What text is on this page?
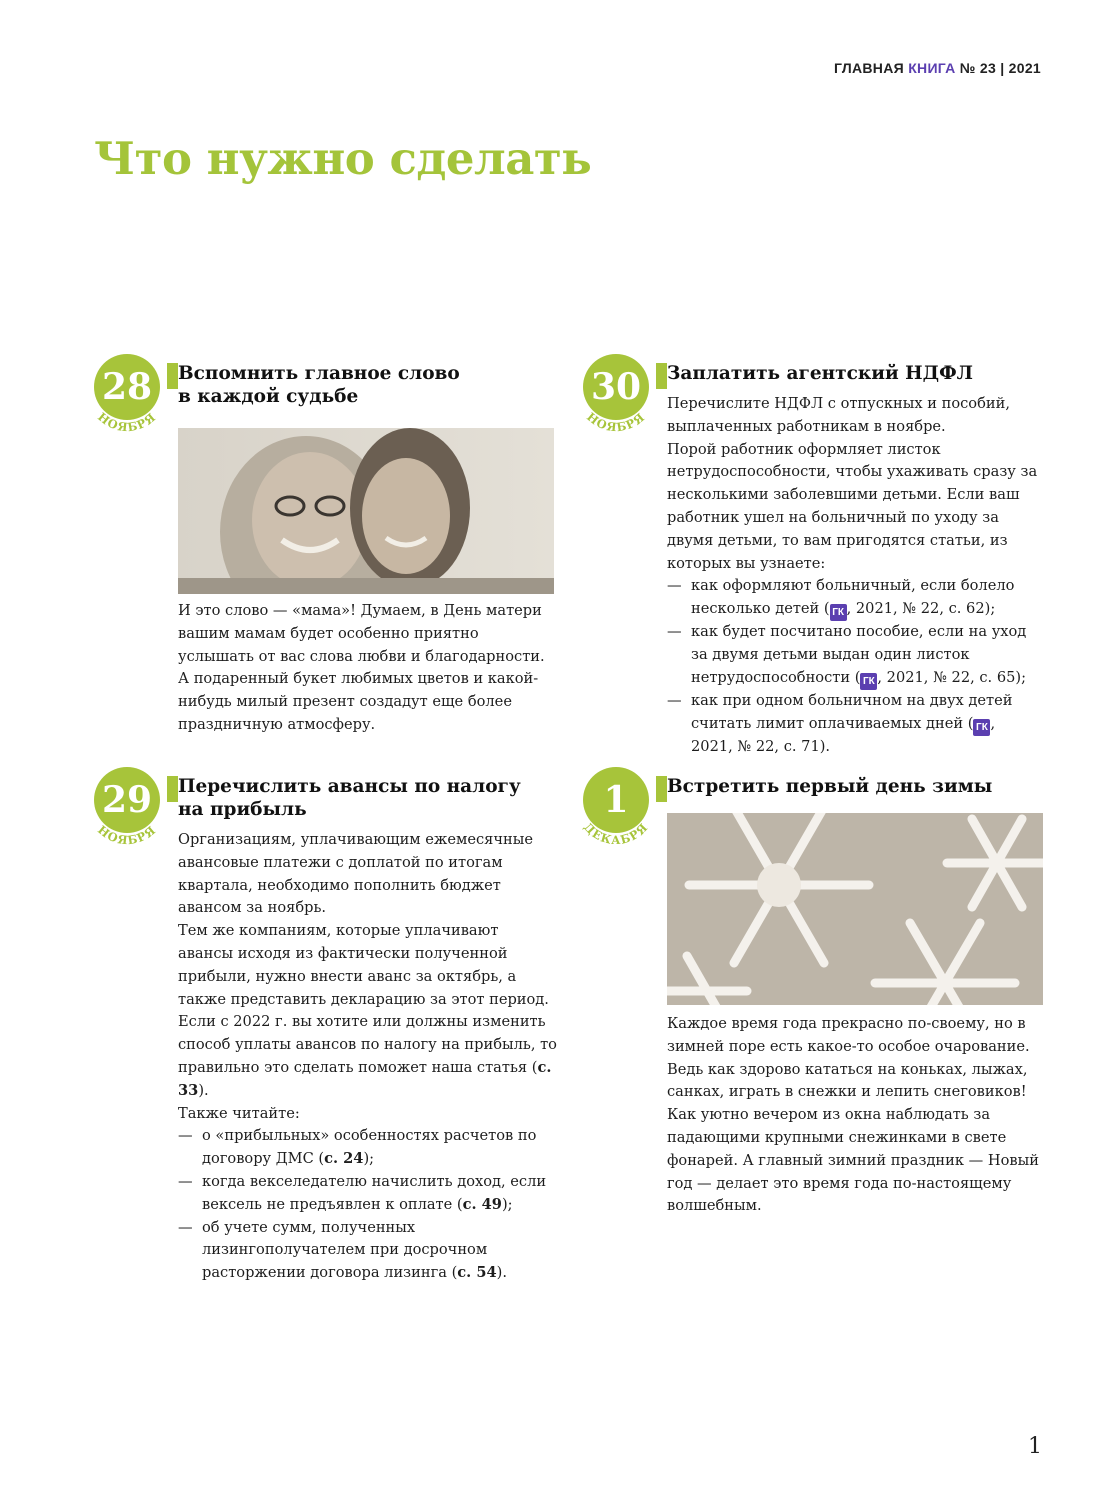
ГЛАВНАЯ КНИГА № 23 | 2021
Что нужно сделать
28
НОЯБРЯ
Вспомнить главное слово
в каждой судьбе

И это слово — «мама»! Думаем, в День матери вашим мамам будет особенно приятно услышать от вас слова любви и благодарности.

А подаренный букет любимых цветов и какой-нибудь милый презент создадут еще более праздничную атмосферу.

30
НОЯБРЯ
Заплатить агентский НДФЛ

Перечислите НДФЛ с отпускных и пособий, выплаченных работникам в ноябре.

Порой работник оформляет листок нетрудоспособности, чтобы ухаживать сразу за несколькими заболевшими детьми. Если ваш работник ушел на больничный по уходу за двумя детьми, то вам пригодятся статьи, из которых вы узнаете:

— как оформляют больничный, если болело несколько детей ( ГК , 2021, № 22, с. 62);
— как будет посчитано пособие, если на уход за двумя детьми выдан один листок нетрудоспособности ( ГК , 2021, № 22, с. 65);
— как при одном больничном на двух детей считать лимит оплачиваемых дней ( ГК , 2021, № 22, с. 71).
29
НОЯБРЯ
Перечислить авансы по налогу
на прибыль

Организациям, уплачивающим ежемесячные авансовые платежи с доплатой по итогам квартала, необходимо пополнить бюджет авансом за ноябрь.

Тем же компаниям, которые уплачивают авансы исходя из фактически полученной прибыли, нужно внести аванс за октябрь, а также представить декларацию за этот период.

Если с 2022 г. вы хотите или должны изменить способ уплаты авансов по налогу на прибыль, то правильно это сделать поможет наша статья (с. 33).

Также читайте:

— о «прибыльных» особенностях расчетов по договору ДМС (с. 24);
— когда векселедателю начислить доход, если вексель не предъявлен к оплате (с. 49);
— об учете сумм, полученных лизингополучателем при досрочном расторжении договора лизинга (с. 54).
1
ДЕКАБРЯ
Встретить первый день зимы

Каждое время года прекрасно по-своему, но в зимней поре есть какое-то особое очарование. Ведь как здорово кататься на коньках, лыжах, санках, играть в снежки и лепить снеговиков! Как уютно вечером из окна наблюдать за падающими крупными снежинками в свете фонарей. А главный зимний праздник — Новый год — делает это время года по-настоящему волшебным.

1
